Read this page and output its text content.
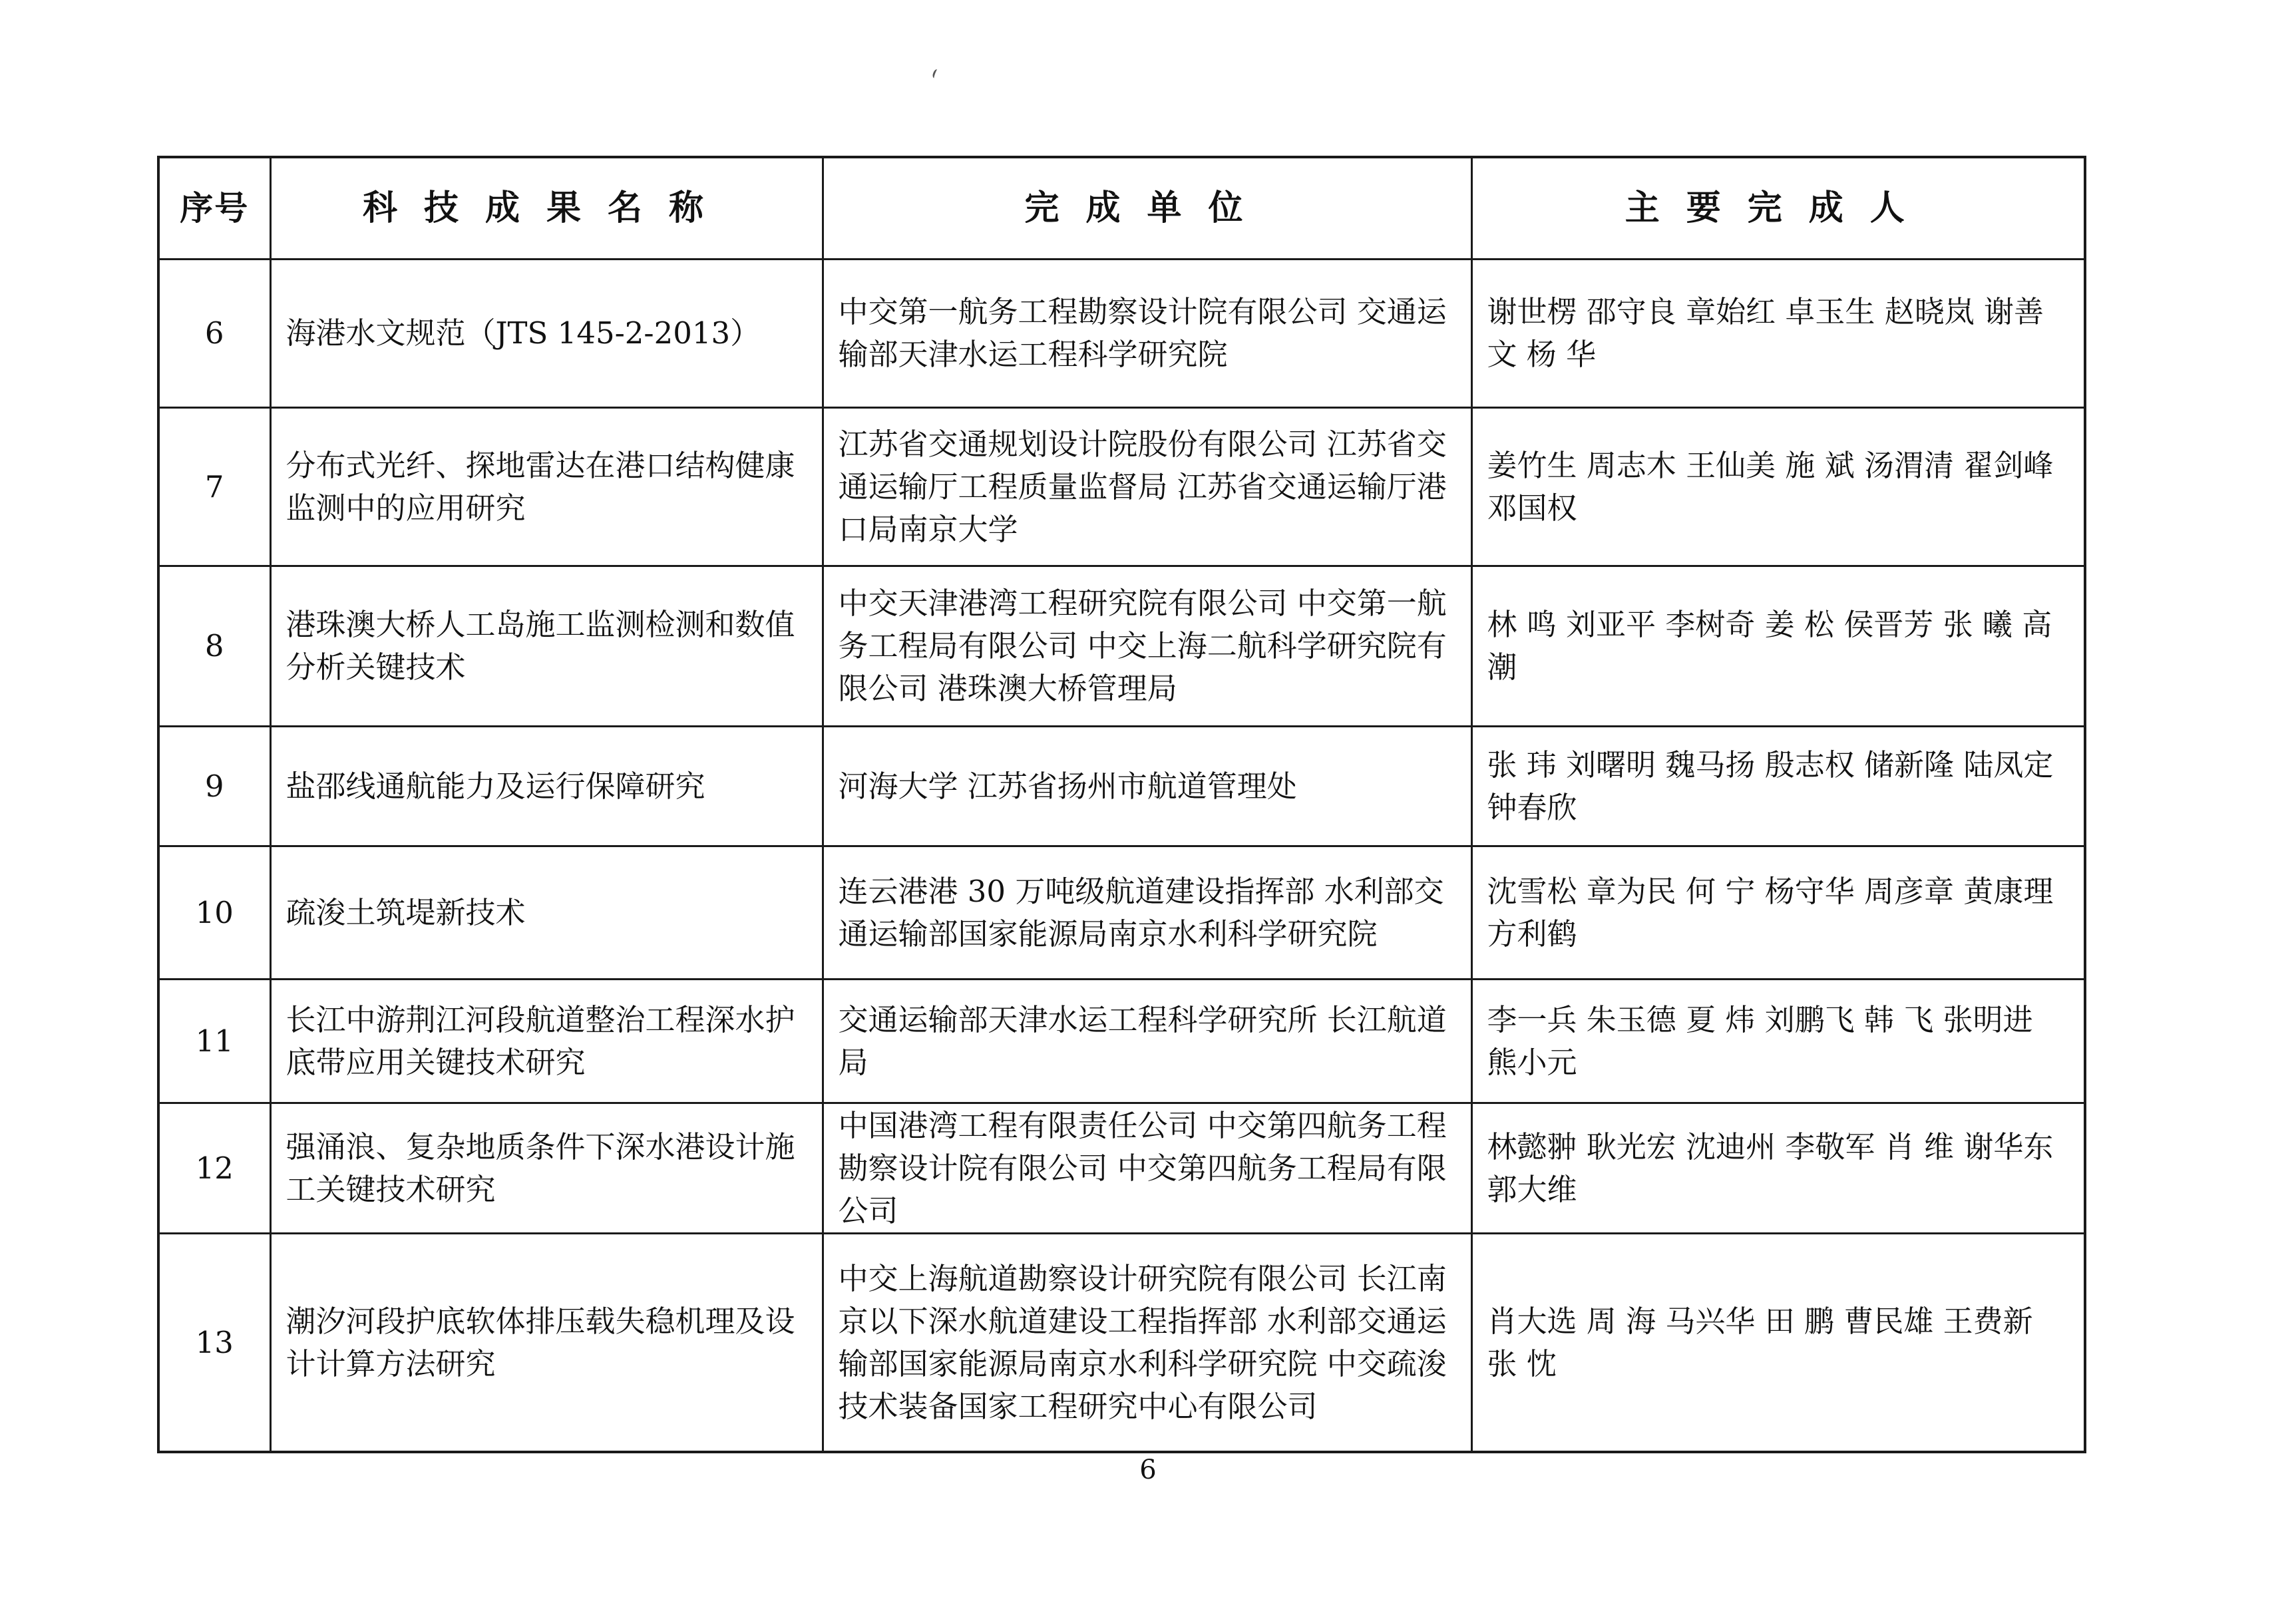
序号	科技成果名称	完成单位	主要完成人
6	海港水文规范（JTS 145-2-2013）	中交第一航务工程勘察设计院有限公司 交通运输部天津水运工程科学研究院	谢世楞 邵守良 章始红 卓玉生 赵晓岚 谢善文 杨 华
7	分布式光纤、探地雷达在港口结构健康监测中的应用研究	江苏省交通规划设计院股份有限公司 江苏省交通运输厅工程质量监督局 江苏省交通运输厅港口局南京大学	姜竹生 周志木 王仙美 施 斌 汤渭清 翟剑峰 邓国权
8	港珠澳大桥人工岛施工监测检测和数值分析关键技术	中交天津港湾工程研究院有限公司 中交第一航务工程局有限公司 中交上海二航科学研究院有限公司 港珠澳大桥管理局	林 鸣 刘亚平 李树奇 姜 松 侯晋芳 张 曦 高 潮
9	盐邵线通航能力及运行保障研究	河海大学 江苏省扬州市航道管理处	张 玮 刘曙明 魏马扬 殷志权 储新隆 陆凤定 钟春欣
10	疏浚土筑堤新技术	连云港港 30 万吨级航道建设指挥部 水利部交通运输部国家能源局南京水利科学研究院	沈雪松 章为民 何 宁 杨守华 周彦章 黄康理 方利鹤
11	长江中游荆江河段航道整治工程深水护底带应用关键技术研究	交通运输部天津水运工程科学研究所 长江航道局	李一兵 朱玉德 夏 炜 刘鹏飞 韩 飞 张明进 熊小元
12	强涌浪、复杂地质条件下深水港设计施工关键技术研究	中国港湾工程有限责任公司 中交第四航务工程勘察设计院有限公司 中交第四航务工程局有限公司	林懿翀 耿光宏 沈迪州 李敬军 肖 维 谢华东 郭大维
13	潮汐河段护底软体排压载失稳机理及设计计算方法研究	中交上海航道勘察设计研究院有限公司 长江南京以下深水航道建设工程指挥部 水利部交通运输部国家能源局南京水利科学研究院 中交疏浚技术装备国家工程研究中心有限公司	肖大选 周 海 马兴华 田 鹏 曹民雄 王费新 张 忱
6
